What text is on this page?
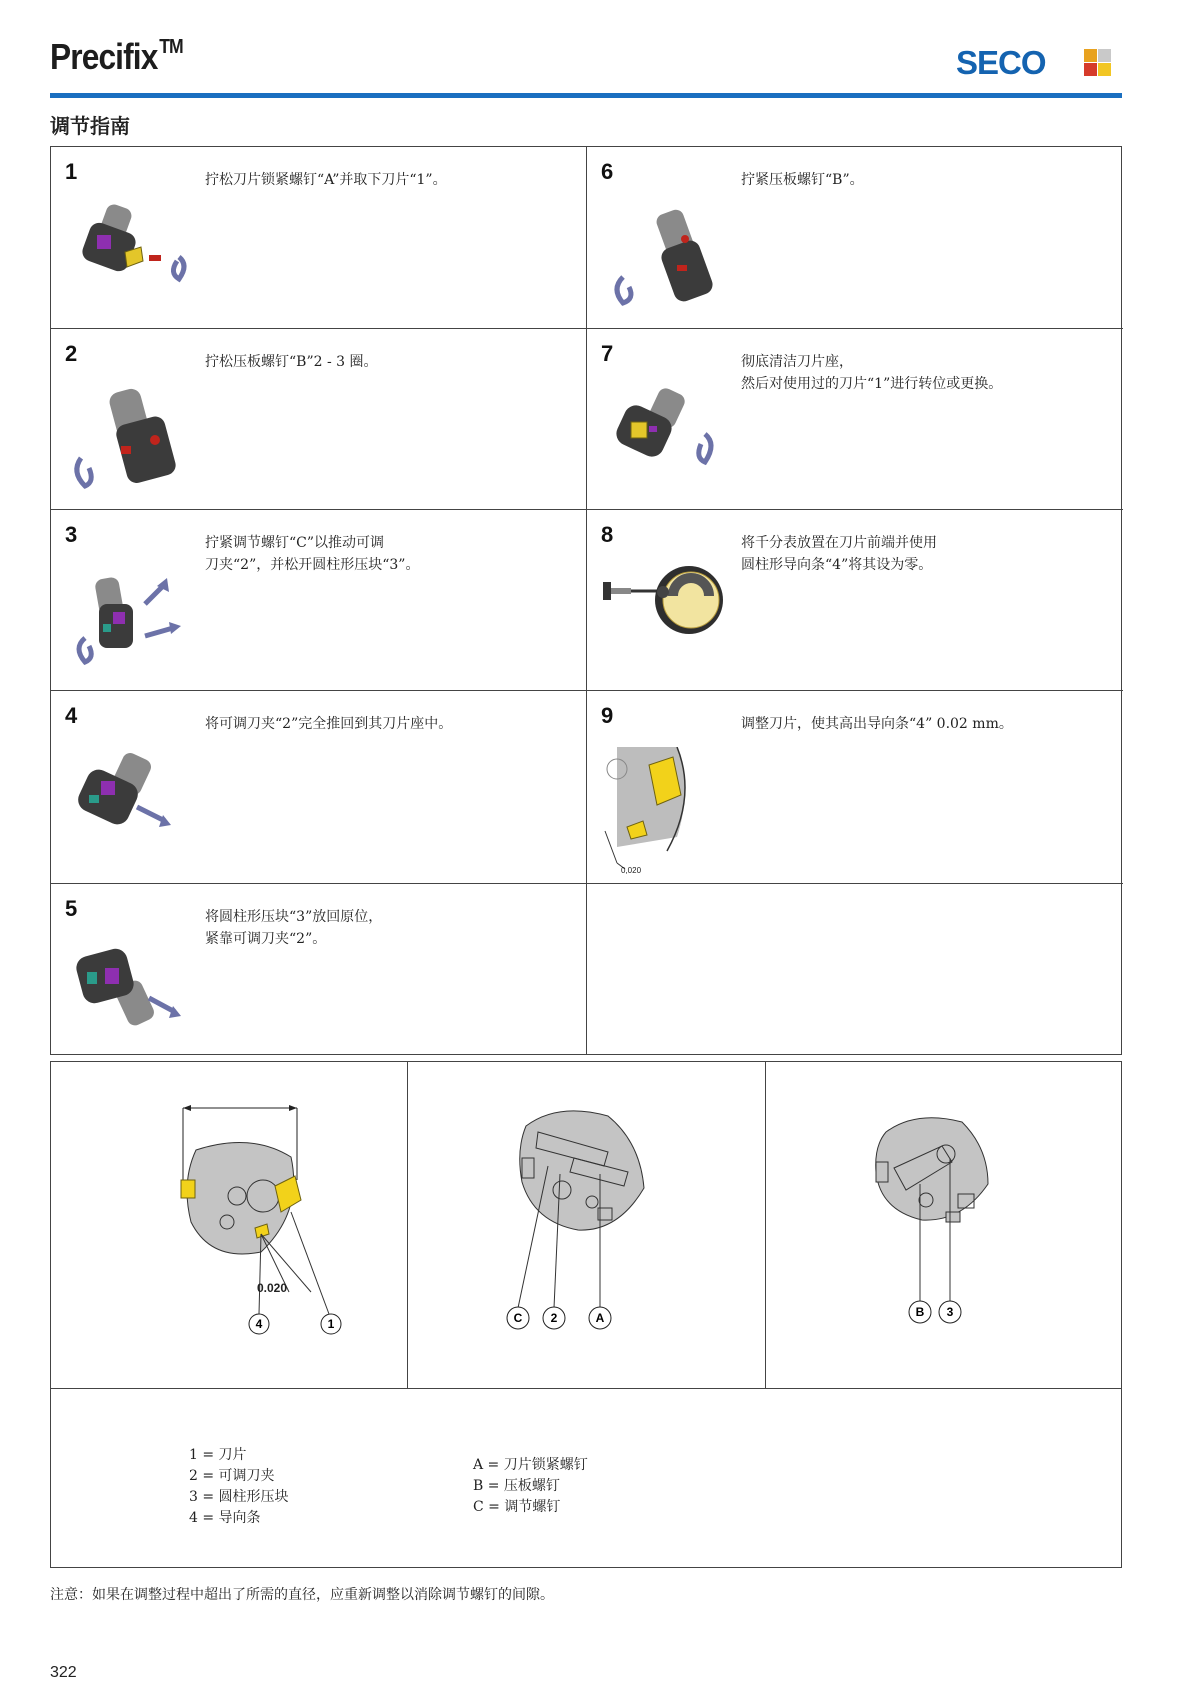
Precifix™	SECO
调节指南
1	拧松刀片锁紧螺钉“A”并取下刀片“1”。	6	拧紧压板螺钉“B”。
2	拧松压板螺钉“B”2 - 3 圈。	7	彻底清洁刀片座，
然后对使用过的刀片“1”进行转位或更换。
3	拧紧调节螺钉“C”以推动可调
刀夹“2”，并松开圆柱形压块“3”。
8	将千分表放置在刀片前端并使用
圆柱形导向条“4”将其设为零。
4	将可调刀夹“2”完全推回到其刀片座中。	9	调整刀片，使其高出导向条“4” 0.02 mm。
0,020
5	将圆柱形压块“3”放回原位，
紧靠可调刀夹“2”。
0.020
4	1	C 2	A	B 3
1 = 刀片
2 = 可调刀夹
3 = 圆柱形压块
4 = 导向条
A = 刀片锁紧螺钉
B = 压板螺钉
C = 调节螺钉
注意：如果在调整过程中超出了所需的直径，应重新调整以消除调节螺钉的间隙。
322
